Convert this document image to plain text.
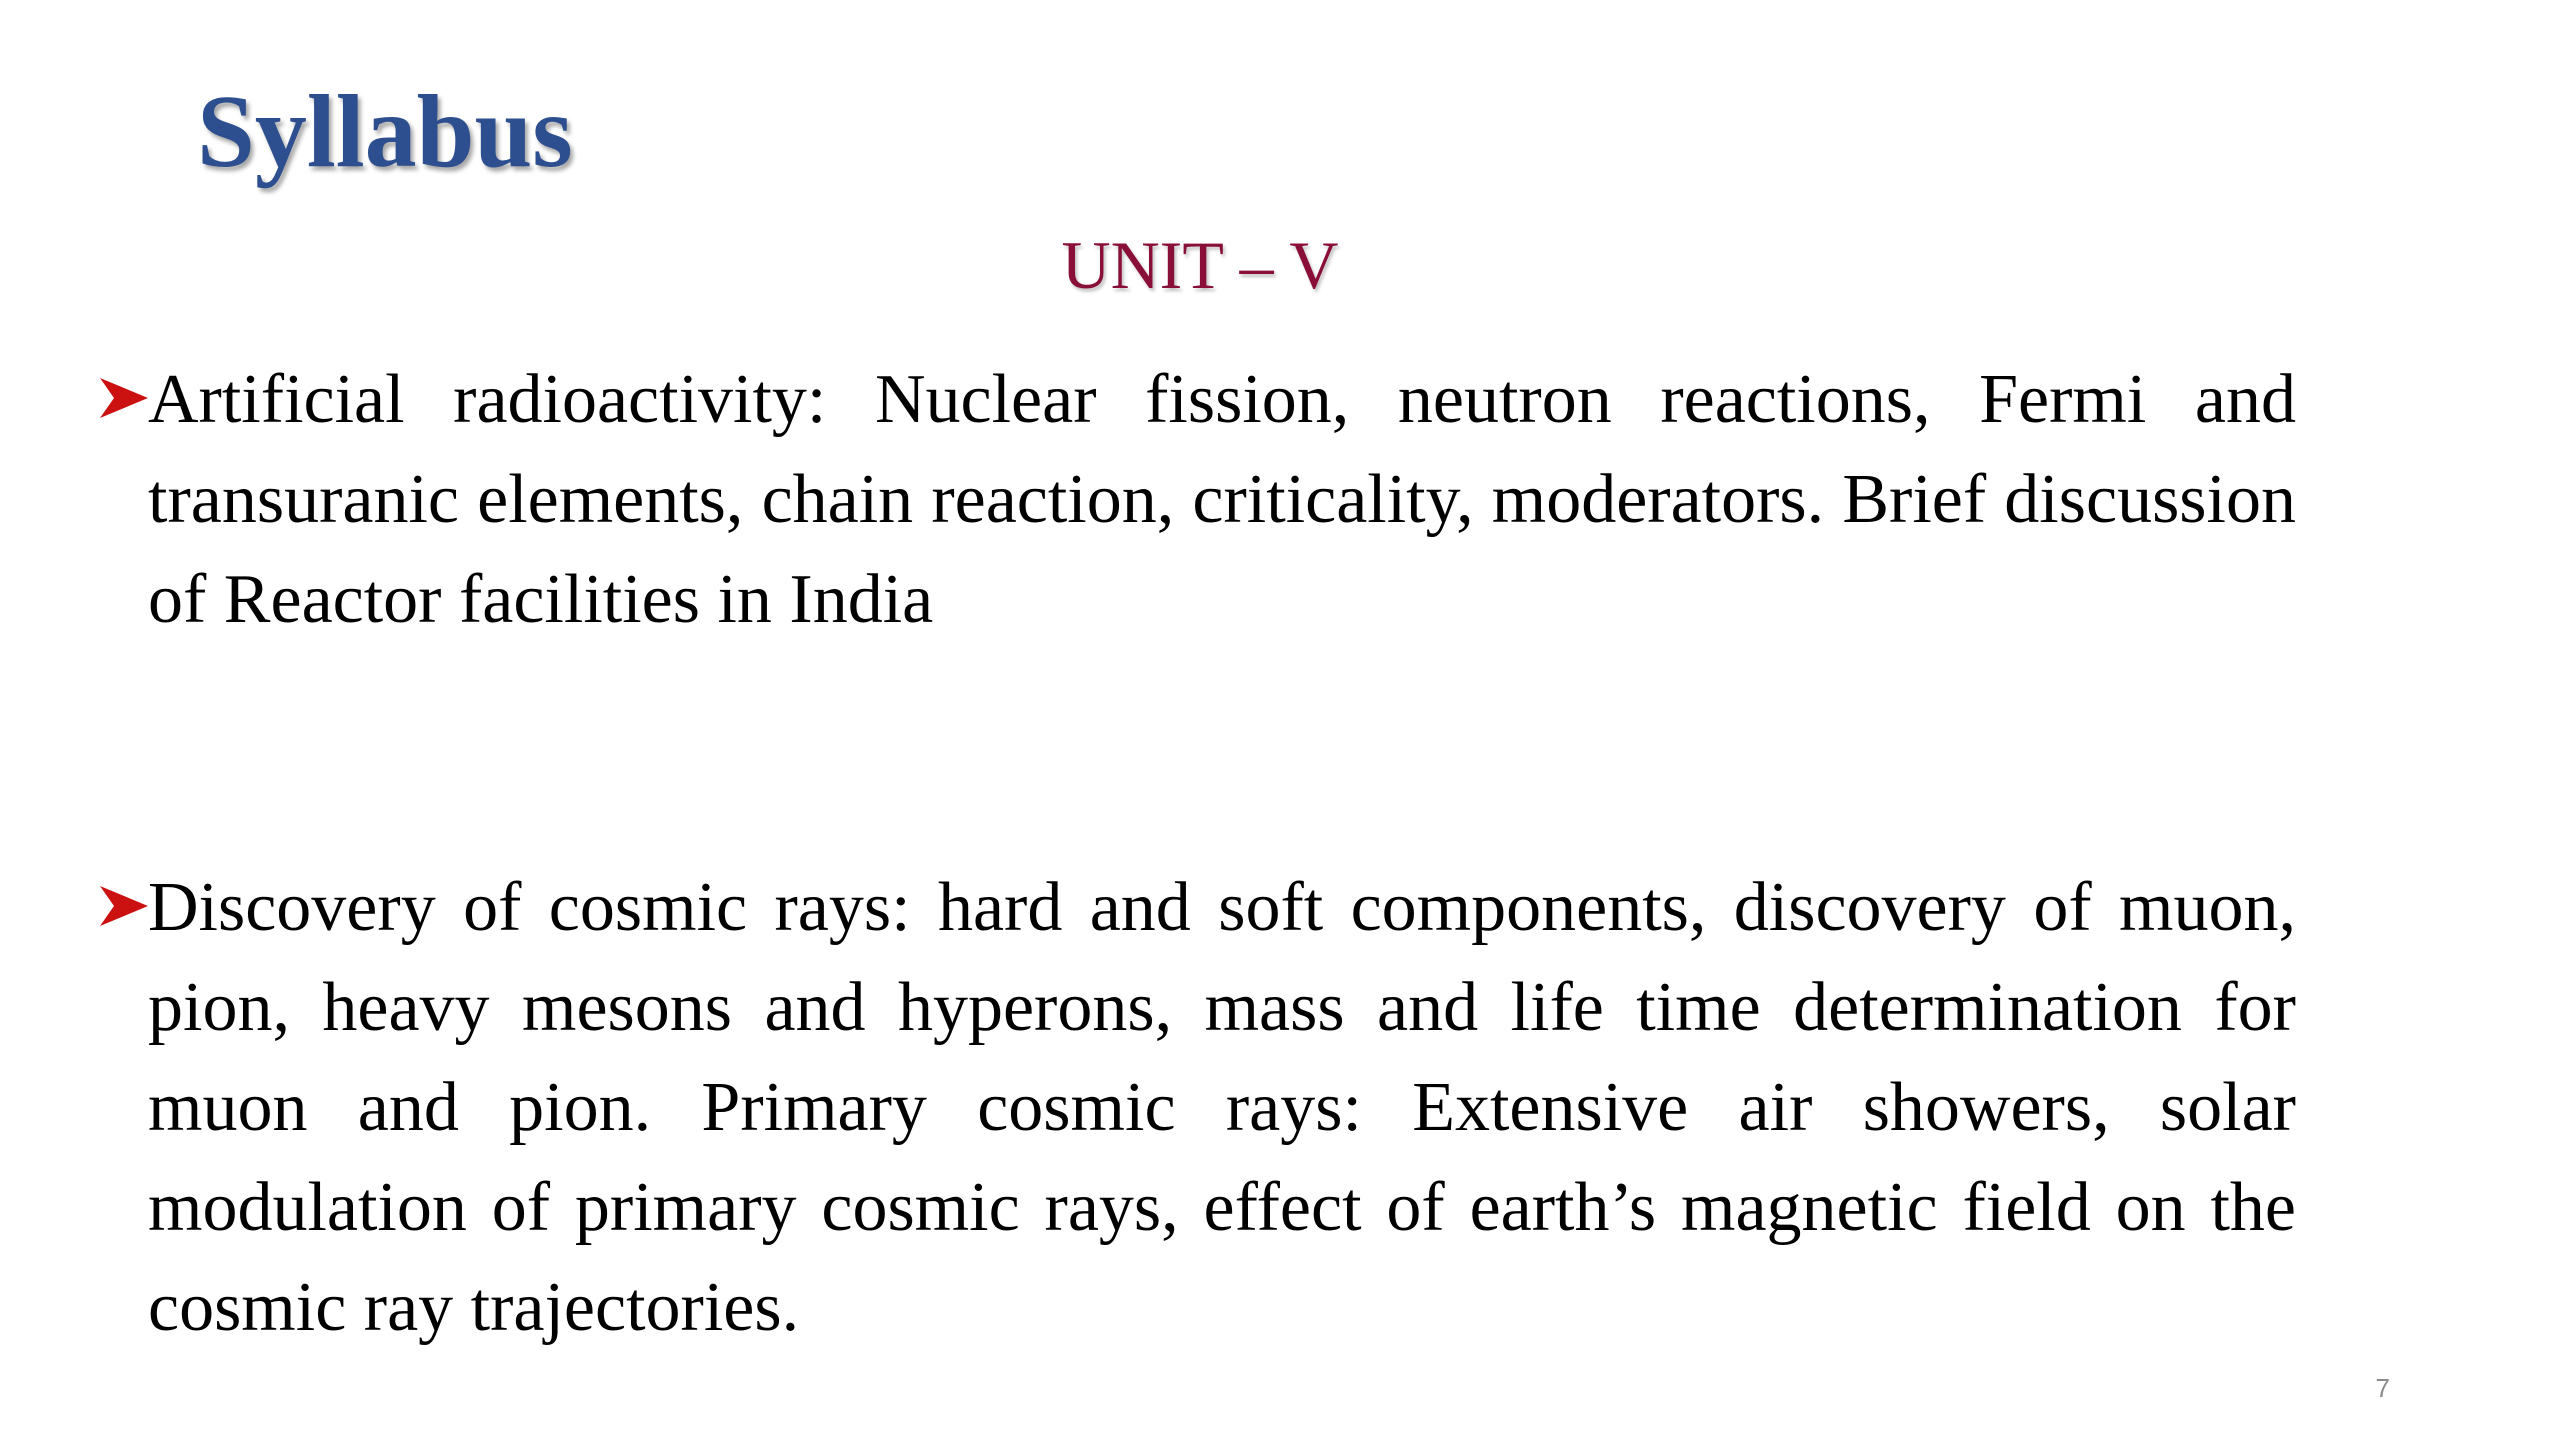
Syllabus
UNIT – V
Artificial radioactivity: Nuclear fission, neutron reactions, Fermi and transuranic elements, chain reaction, criticality, moderators. Brief discussion of Reactor facilities in India
Discovery of cosmic rays: hard and soft components, discovery of muon, pion, heavy mesons and hyperons, mass and life time determination for muon and pion. Primary cosmic rays: Extensive air showers, solar modulation of primary cosmic rays, effect of earth’s magnetic field on the cosmic ray trajectories.
7
